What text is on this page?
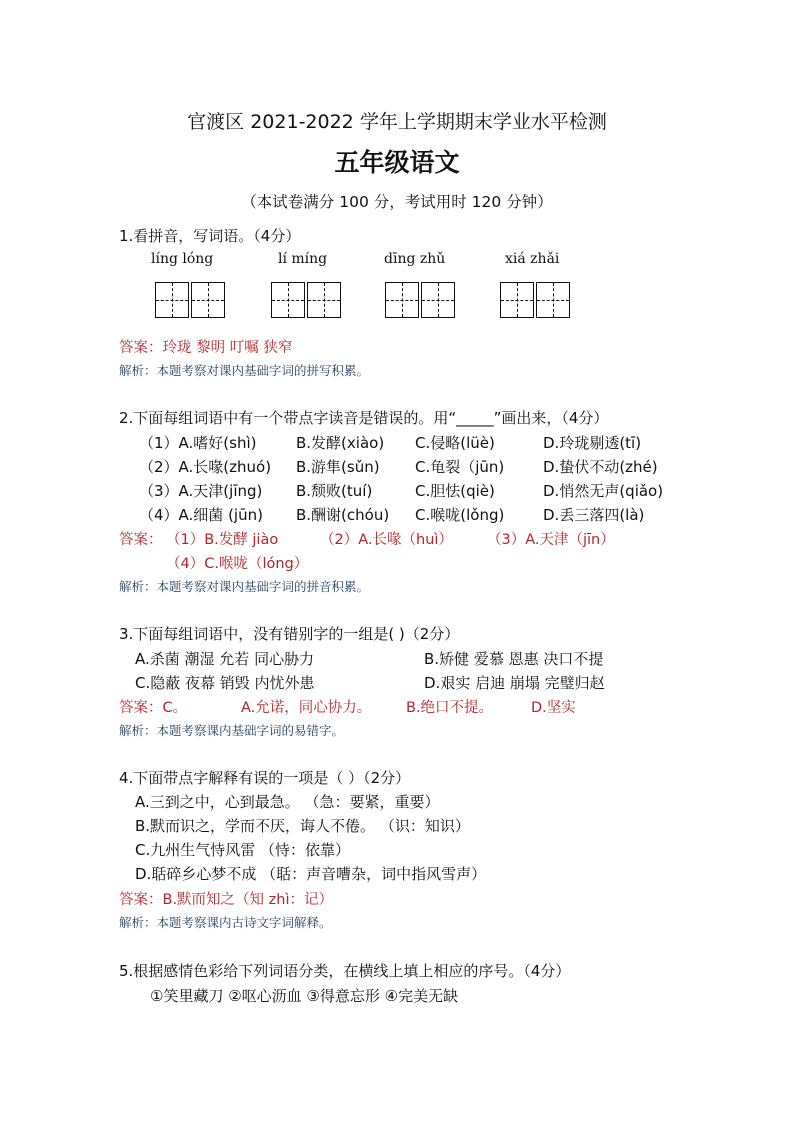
官渡区 2021-2022 学年上学期期末学业水平检测
五年级语文
（本试卷满分 100 分，考试用时 120 分钟）
1.看拼音，写词语。（4分）
líng lóng	lí míng	dīng zhǔ	xiá zhǎi
答案：玲珑 黎明 叮嘱 狭窄
解析：本题考察对课内基础字词的拼写积累。
2.下面每组词语中有一个带点字读音是错误的。用“_____”画出来，（4分）
（1）A.嗜好(shì)	B.发酵(xiào) C.侵略(lüè)	D.玲珑剔透(tī)
（2）A.长喙(zhuó) B.游隼(sǔn) C.龟裂（jūn)	D.蛰伏不动(zhé)
（3）A.天津(jīng) B.颓败(tuí)	C.胆怯(qiè)	D.悄然无声(qiǎo)
（4）A.细菌 (jūn) B.酬谢(chóu) C.喉咙(lǒng)	D.丢三落四(là)
答案： （1）B.发酵 jiào	（2）A.长喙（huì） （3）A.天津（jīn）
（4）C.喉咙（lóng）
解析：本题考察对课内基础字词的拼音积累。
3.下面每组词语中，没有错别字的一组是( )（2分）
A.杀菌 潮湿 允若 同心胁力	B.矫健 爱慕 恩惠 决口不提
C.隐蔽 夜幕 销毁 内忧外患	D.艰实 启迪 崩塌 完璧归赵
答案：C。	A.允诺，同心协力。 B.绝口不提。	D.坚实
解析：本题考察课内基础字词的易错字。
4.下面带点字解释有误的一项是（ ）（2分）
A.三到之中，心到最急。 （急：要紧，重要）
B.默而识之，学而不厌，诲人不倦。 （识：知识）
C.九州生气恃风雷 （恃：依靠）
D.聒碎乡心梦不成 （聒：声音嘈杂，词中指风雪声）
答案：B.默而知之（知 zhì：记）
解析：本题考察课内古诗文字词解释。
5.根据感情色彩给下列词语分类，在横线上填上相应的序号。（4分）
①笑里藏刀 ②呕心沥血 ③得意忘形 ④完美无缺
